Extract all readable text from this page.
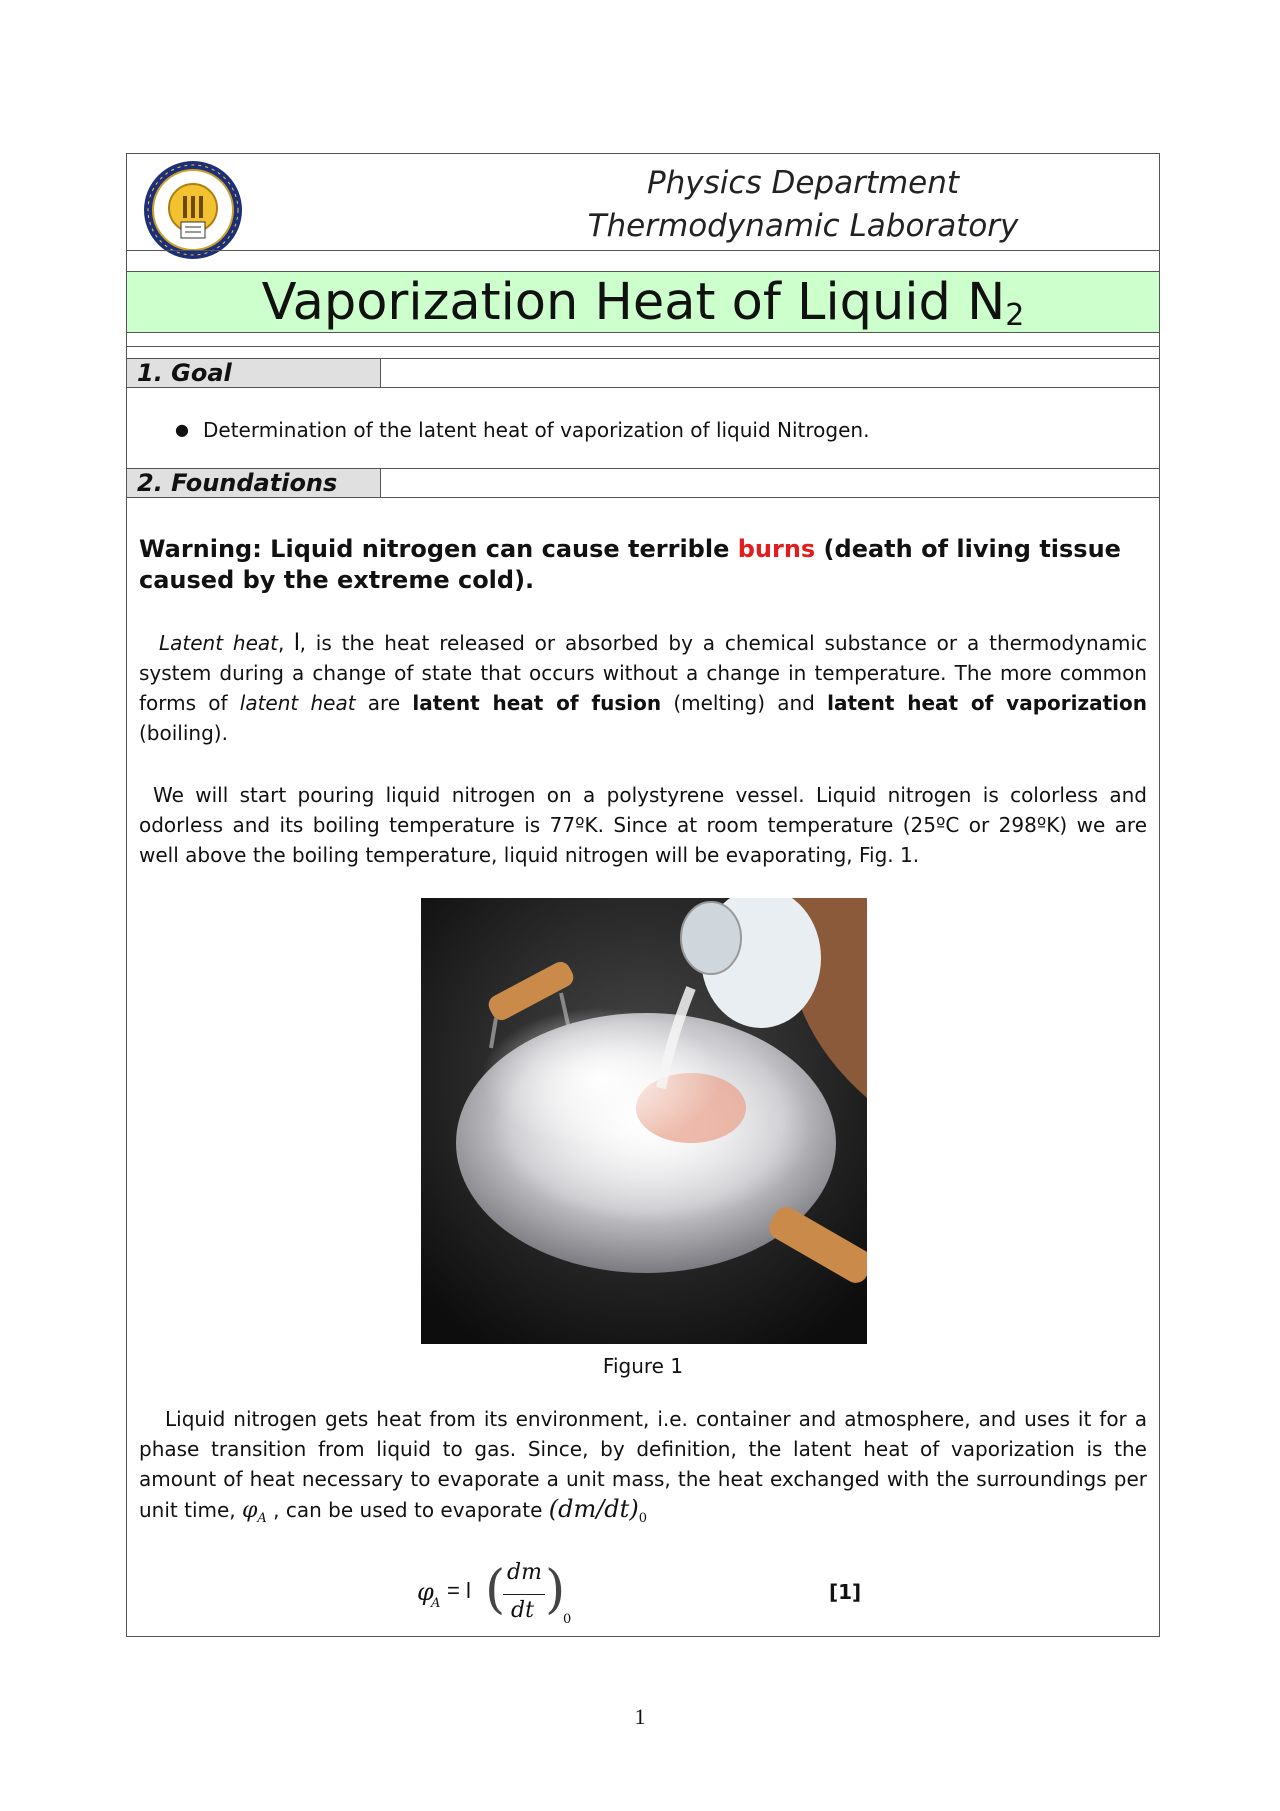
Physics Department
Thermodynamic Laboratory
Vaporization Heat of Liquid $N_2$
1. Goal
● Determination of the latent heat of vaporization of liquid Nitrogen.
2. Foundations
Warning: Liquid nitrogen can cause terrible burns (death of living tissue caused by the extreme cold).
Latent heat, l, is the heat released or absorbed by a chemical substance or a thermodynamic system during a change of state that occurs without a change in temperature. The more common forms of latent heat are latent heat of fusion (melting) and latent heat of vaporization (boiling).
We will start pouring liquid nitrogen on a polystyrene vessel. Liquid nitrogen is colorless and odorless and its boiling temperature is 77ºK. Since at room temperature (25ºC or 298ºK) we are well above the boiling temperature, liquid nitrogen will be evaporating, Fig. 1.
Figure 1
Liquid nitrogen gets heat from its environment, i.e. container and atmosphere, and uses it for a phase transition from liquid to gas. Since, by definition, the latent heat of vaporization is the amount of heat necessary to evaporate a unit mass, the heat exchanged with the surroundings per unit time, $\varphi_A$ , can be used to evaporate $(dm/dt)_0$
φ
A
= l ( dm
dt )
0
[1]
1
